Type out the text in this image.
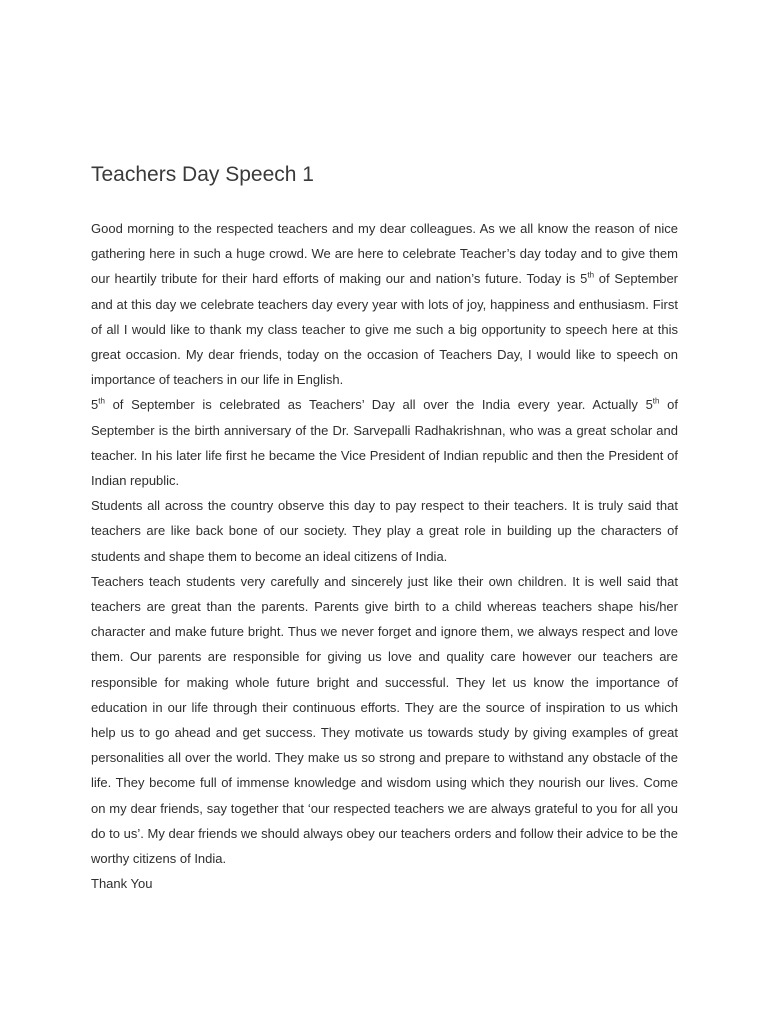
Teachers Day Speech 1

Good morning to the respected teachers and my dear colleagues. As we all know the reason of nice gathering here in such a huge crowd. We are here to celebrate Teacher’s day today and to give them our heartily tribute for their hard efforts of making our and nation’s future. Today is 5th of September and at this day we celebrate teachers day every year with lots of joy, happiness and enthusiasm. First of all I would like to thank my class teacher to give me such a big opportunity to speech here at this great occasion. My dear friends, today on the occasion of Teachers Day, I would like to speech on importance of teachers in our life in English.

5th of September is celebrated as Teachers’ Day all over the India every year. Actually 5th of September is the birth anniversary of the Dr. Sarvepalli Radhakrishnan, who was a great scholar and teacher. In his later life first he became the Vice President of Indian republic and then the President of Indian republic.

Students all across the country observe this day to pay respect to their teachers. It is truly said that teachers are like back bone of our society. They play a great role in building up the characters of students and shape them to become an ideal citizens of India.

Teachers teach students very carefully and sincerely just like their own children. It is well said that teachers are great than the parents. Parents give birth to a child whereas teachers shape his/her character and make future bright. Thus we never forget and ignore them, we always respect and love them. Our parents are responsible for giving us love and quality care however our teachers are responsible for making whole future bright and successful. They let us know the importance of education in our life through their continuous efforts. They are the source of inspiration to us which help us to go ahead and get success. They motivate us towards study by giving examples of great personalities all over the world. They make us so strong and prepare to withstand any obstacle of the life. They become full of immense knowledge and wisdom using which they nourish our lives. Come on my dear friends, say together that ‘our respected teachers we are always grateful to you for all you do to us’. My dear friends we should always obey our teachers orders and follow their advice to be the worthy citizens of India.

Thank You
